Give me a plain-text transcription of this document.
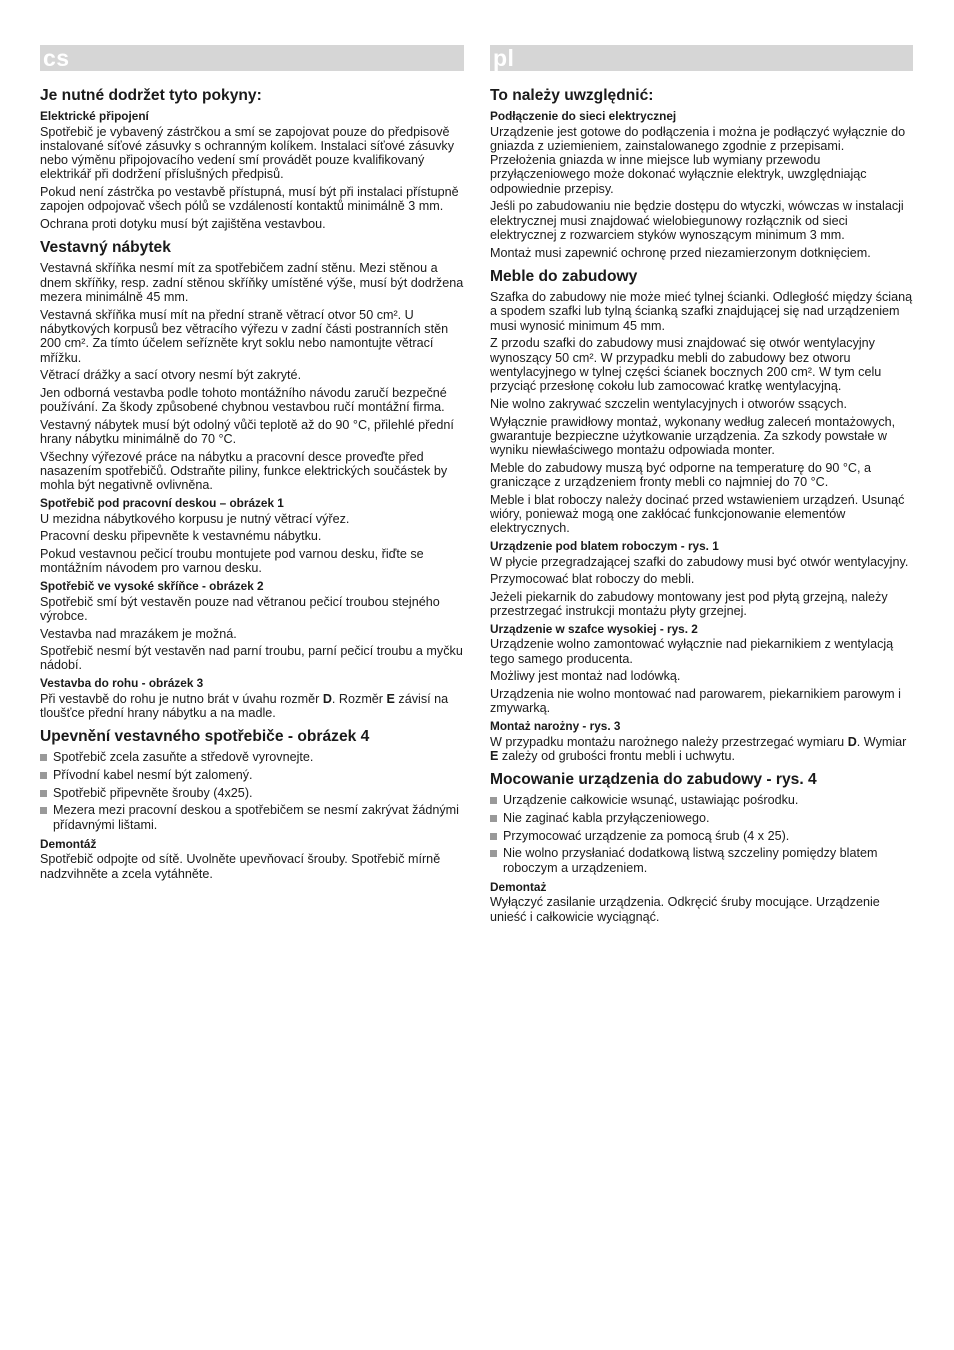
cs
Je nutné dodržet tyto pokyny:
Elektrické připojení

Spotřebič je vybavený zástrčkou a smí se zapojovat pouze do předpisově instalované síťové zásuvky s ochranným kolíkem. Instalaci síťové zásuvky nebo výměnu připojovacího vedení smí provádět pouze kvalifikovaný elektrikář při dodržení příslušných předpisů.

Pokud není zástrčka po vestavbě přístupná, musí být při instalaci přístupně zapojen odpojovač všech pólů se vzdáleností kontaktů minimálně 3 mm.

Ochrana proti dotyku musí být zajištěna vestavbou.

Vestavný nábytek

Vestavná skříňka nesmí mít za spotřebičem zadní stěnu. Mezi stěnou a dnem skříňky, resp. zadní stěnou skříňky umístěné výše, musí být dodržena mezera minimálně 45 mm.

Vestavná skříňka musí mít na přední straně větrací otvor 50 cm². U nábytkových korpusů bez větracího výřezu v zadní části postranních stěn 200 cm². Za tímto účelem seřízněte kryt soklu nebo namontujte větrací mřížku.

Větrací drážky a sací otvory nesmí být zakryté.

Jen odborná vestavba podle tohoto montážního návodu zaručí bezpečné používání. Za škody způsobené chybnou vestavbou ručí montážní firma.

Vestavný nábytek musí být odolný vůči teplotě až do 90 °C, přilehlé přední hrany nábytku minimálně do 70 °C.

Všechny výřezové práce na nábytku a pracovní desce proveďte před nasazením spotřebičů. Odstraňte piliny, funkce elektrických součástek by mohla být negativně ovlivněna.

Spotřebič pod pracovní deskou – obrázek 1

U mezidna nábytkového korpusu je nutný větrací výřez.

Pracovní desku připevněte k vestavnému nábytku.

Pokud vestavnou pečicí troubu montujete pod varnou desku, řiďte se montážním návodem pro varnou desku.

Spotřebič ve vysoké skříňce - obrázek 2

Spotřebič smí být vestavěn pouze nad větranou pečicí troubou stejného výrobce.

Vestavba nad mrazákem je možná.

Spotřebič nesmí být vestavěn nad parní troubu, parní pečicí troubu a myčku nádobí.

Vestavba do rohu - obrázek 3

Při vestavbě do rohu je nutno brát v úvahu rozměr D. Rozměr E závisí na tloušťce přední hrany nábytku a na madle.

Upevnění vestavného spotřebiče - obrázek 4
Spotřebič zcela zasuňte a středově vyrovnejte.
Přívodní kabel nesmí být zalomený.
Spotřebič připevněte šrouby (4x25).
Mezera mezi pracovní deskou a spotřebičem se nesmí zakrývat žádnými přídavnými lištami.
Demontáž

Spotřebič odpojte od sítě. Uvolněte upevňovací šrouby. Spotřebič mírně nadzvihněte a zcela vytáhněte.

pl
To należy uwzględnić:
Podłączenie do sieci elektrycznej

Urządzenie jest gotowe do podłączenia i można je podłączyć wyłącznie do gniazda z uziemieniem, zainstalowanego zgodnie z przepisami. Przełożenia gniazda w inne miejsce lub wymiany przewodu przyłączeniowego może dokonać wyłącznie elektryk, uwzględniając odpowiednie przepisy.

Jeśli po zabudowaniu nie będzie dostępu do wtyczki, wówczas w instalacji elektrycznej musi znajdować wielobiegunowy rozłącznik od sieci elektrycznej z rozwarciem styków wynoszącym minimum 3 mm.

Montaż musi zapewnić ochronę przed niezamierzonym dotknięciem.

Meble do zabudowy

Szafka do zabudowy nie może mieć tylnej ścianki. Odległość między ścianą a spodem szafki lub tylną ścianką szafki znajdującej się nad urządzeniem musi wynosić minimum 45 mm.

Z przodu szafki do zabudowy musi znajdować się otwór wentylacyjny wynoszący 50 cm². W przypadku mebli do zabudowy bez otworu wentylacyjnego w tylnej części ścianek bocznych 200 cm². W tym celu przyciąć przesłonę cokołu lub zamocować kratkę wentylacyjną.

Nie wolno zakrywać szczelin wentylacyjnych i otworów ssących.

Wyłącznie prawidłowy montaż, wykonany według zaleceń montażowych, gwarantuje bezpieczne użytkowanie urządzenia. Za szkody powstałe w wyniku niewłaściwego montażu odpowiada monter.

Meble do zabudowy muszą być odporne na temperaturę do 90 °C, a graniczące z urządzeniem fronty mebli co najmniej do 70 °C.

Meble i blat roboczy należy docinać przed wstawieniem urządzeń. Usunąć wióry, ponieważ mogą one zakłócać funkcjonowanie elementów elektrycznych.

Urządzenie pod blatem roboczym - rys. 1

W płycie przegradzającej szafki do zabudowy musi być otwór wentylacyjny.

Przymocować blat roboczy do mebli.

Jeżeli piekarnik do zabudowy montowany jest pod płytą grzejną, należy przestrzegać instrukcji montażu płyty grzejnej.

Urządzenie w szafce wysokiej - rys. 2

Urządzenie wolno zamontować wyłącznie nad piekarnikiem z wentylacją tego samego producenta.

Możliwy jest montaż nad lodówką.

Urządzenia nie wolno montować nad parowarem, piekarnikiem parowym i zmywarką.

Montaż narożny - rys. 3

W przypadku montażu narożnego należy przestrzegać wymiaru D. Wymiar E zależy od grubości frontu mebli i uchwytu.

Mocowanie urządzenia do zabudowy - rys. 4
Urządzenie całkowicie wsunąć, ustawiając pośrodku.
Nie zaginać kabla przyłączeniowego.
Przymocować urządzenie za pomocą śrub (4 x 25).
Nie wolno przysłaniać dodatkową listwą szczeliny pomiędzy blatem roboczym a urządzeniem.
Demontaż

Wyłączyć zasilanie urządzenia. Odkręcić śruby mocujące. Urządzenie unieść i całkowicie wyciągnąć.
